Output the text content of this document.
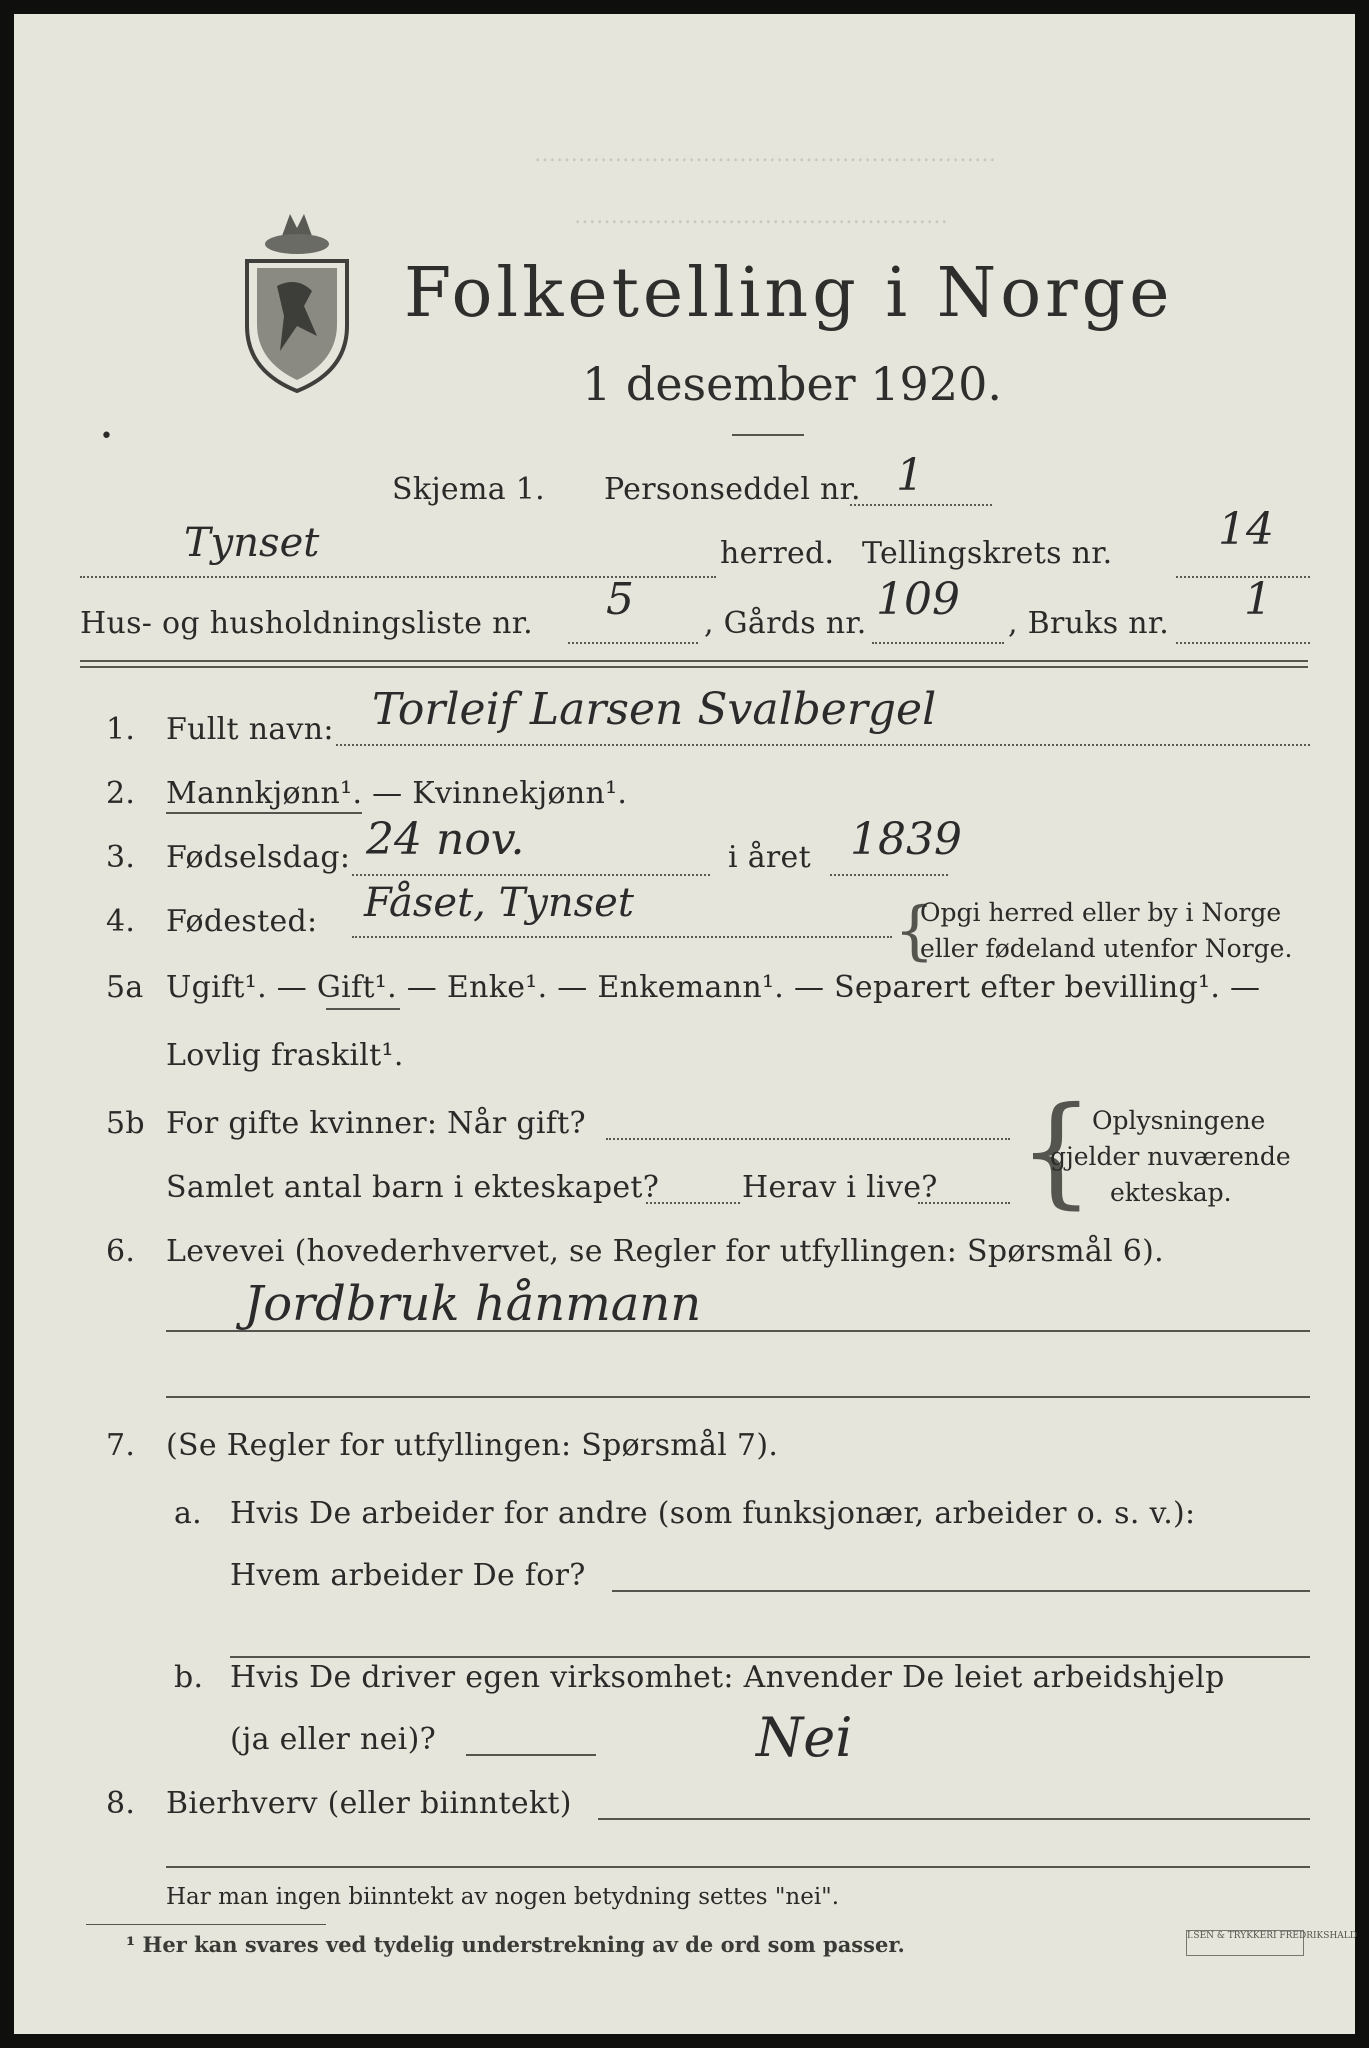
………………………………………………………
……………………………………………
Folketelling i Norge
1 desember 1920.
•
Skjema 1. Personseddel nr. 1
Tynset	herred. Tellingskrets nr. 14
Hus- og husholdningsliste nr. 5 , Gårds nr. 109 , Bruks nr. 1
1. Fullt navn: Torleif Larsen Svalbergel
2. Mannkjønn¹. — Kvinnekjønn¹.
3. Fødselsdag: 24 nov.	i året 1839
4. Fødested: Fåset, Tynset	{
Opgi herred eller by i Norge
eller fødeland utenfor Norge.
5a Ugift¹. — Gift¹. — Enke¹. — Enkemann¹. — Separert efter bevilling¹. —
Lovlig fraskilt¹.
5b For gifte kvinner: Når gift?
Samlet antal barn i ekteskapet?	Herav i live? {
Oplysningene
gjelder nuværende
ekteskap.
6. Levevei (hovederhvervet, se Regler for utfyllingen: Spørsmål 6).
Jordbruk hånmann
7. (Se Regler for utfyllingen: Spørsmål 7).
a. Hvis De arbeider for andre (som funksjonær, arbeider o. s. v.):
Hvem arbeider De for?
b. Hvis De driver egen virksomhet: Anvender De leiet arbeidshjelp
(ja eller nei)?	Nei
8. Bierhverv (eller biinntekt)
Har man ingen biinntekt av nogen betydning settes "nei".
¹ Her kan svares ved tydelig understrekning av de ord som passer.	I.SEN & TRYKKERI FREDRIKSHALD
